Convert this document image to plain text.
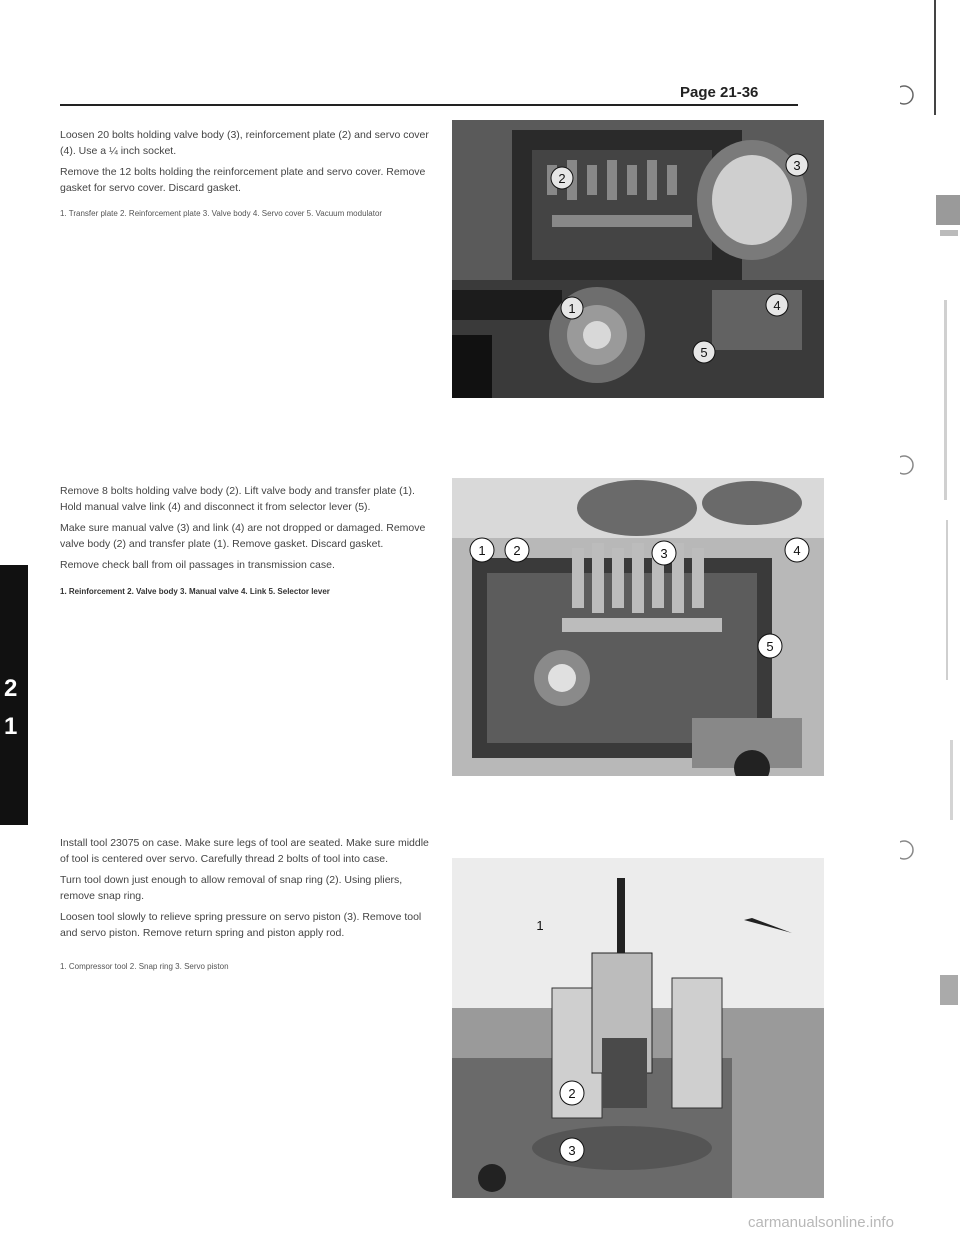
Page 21-36

Loosen 20 bolts holding valve body (3), reinforcement plate (2) and servo cover (4). Use a ¼ inch socket.

Remove the 12 bolts holding the reinforcement plate and servo cover. Remove gasket for servo cover. Discard gasket.

1. Transfer plate 2. Reinforcement plate 3. Valve body 4. Servo cover 5. Vacuum modulator

2
3
1	4
5

Remove 8 bolts holding valve body (2). Lift valve body and transfer plate (1). Hold manual valve link (4) and disconnect it from selector lever (5).

Make sure manual valve (3) and link (4) are not dropped or damaged. Remove valve body (2) and transfer plate (1). Remove gasket. Discard gasket.

Remove check ball from oil passages in transmission case.

1. Reinforcement 2. Valve body 3. Manual valve 4. Link 5. Selector lever

1 2	3	4
5

Install tool 23075 on case. Make sure legs of tool are seated. Make sure middle of tool is centered over servo. Carefully thread 2 bolts of tool into case.

Turn tool down just enough to allow removal of snap ring (2). Using pliers, remove snap ring.

Loosen tool slowly to relieve spring pressure on servo piston (3). Remove tool and servo piston. Remove return spring and piston apply rod.

1. Compressor tool 2. Snap ring 3. Servo piston

1
2
3
2
1
carmanualsonline.info
